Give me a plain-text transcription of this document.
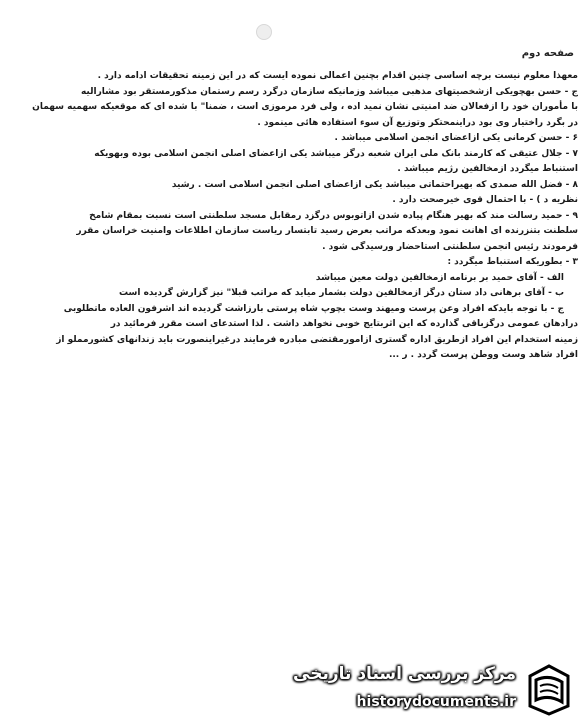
صفحه دوم
معهذا معلوم نیست برچه اساسی چنین اقدام بچنین اعمالی نموده ایست که در این زمینه تحقیقات ادامه دارد .
ج - حسن بهچویکی ازشخصیتهای مذهبی میباشد وزمانیکه سازمان درگرد رسم رستمان مذکورمستقر بود مشارالیه
با مأموران خود را ازفعالان ضد امنیتی نشان نمید اده ، ولی فرد مرموزی است ، ضمنا" با شده ای که موقعیکه سهمیه سهمان
در بگرد راختیار وی بود دراینمحتکر وتوزیع آن سوء استفاده هائی مینمود .
۶ - حسن کرمانی یکی ازاعضای انجمن اسلامی میباشد .
۷ - جلال عتیقی که کارمند بانک ملی ایران شعبه درگز میباشد یکی ازاعضای اصلی انجمن اسلامی بوده وبهویکه
استنباط میگردد ازمخالفین رژیم میباشد .
۸ - فضل الله صمدی که بهیراحتماتی میباشد یکی ازاعضای اصلی انجمن اسلامی است . رشید
نظریه د ) - با احتمال قوی خیرصحت دارد .
۹ - حمید رسالت مند که بهیر هنگام پیاده شدن ازاتوبوس درگزد رمقابل مسجد سلطنتی است نسبت بمقام شامخ
سلطنت بتنزرنده ای اهانت نمود وبعدکه مراتب بعرض رسید تابتسار ریاست سازمان اطلاعات وامنیت خراسان مقرر
فرمودند رئیس انجمن سلطنتی استاحضار ورسیدگی شود .
۳ - بطوریکه استنباط میگردد :
الف - آقای حمید بر برنامه ازمخالفین دولت معین میباشد
ب - آقای برهانی داد ستان درگز ازمخالفین دولت بشمار میاید که مراتب قبلا" نیز گزارش گردیده است
ج - با توجه بایدکه افراد وعن پرست ومیهند وست بچوپ شاه پرستی بارزاشت گردیده اند اشرفون العاده ماتطلوبی
درادهان عمومی درگزباقی گذارده که این اثربتایج خوبی نخواهد داشت . لذا استدعای است مقرر فرمائید در
زمینه استخدام این افراد ازطریق اداره گستری ازامورمقتضی مبادره فرمایند درغیراینصورت باید زندانهای کشورمملو از
افراد شاهد وست ووطن پرست گردد . ر ...
مرکز بررسی اسناد تاریخی
historydocuments.ir
